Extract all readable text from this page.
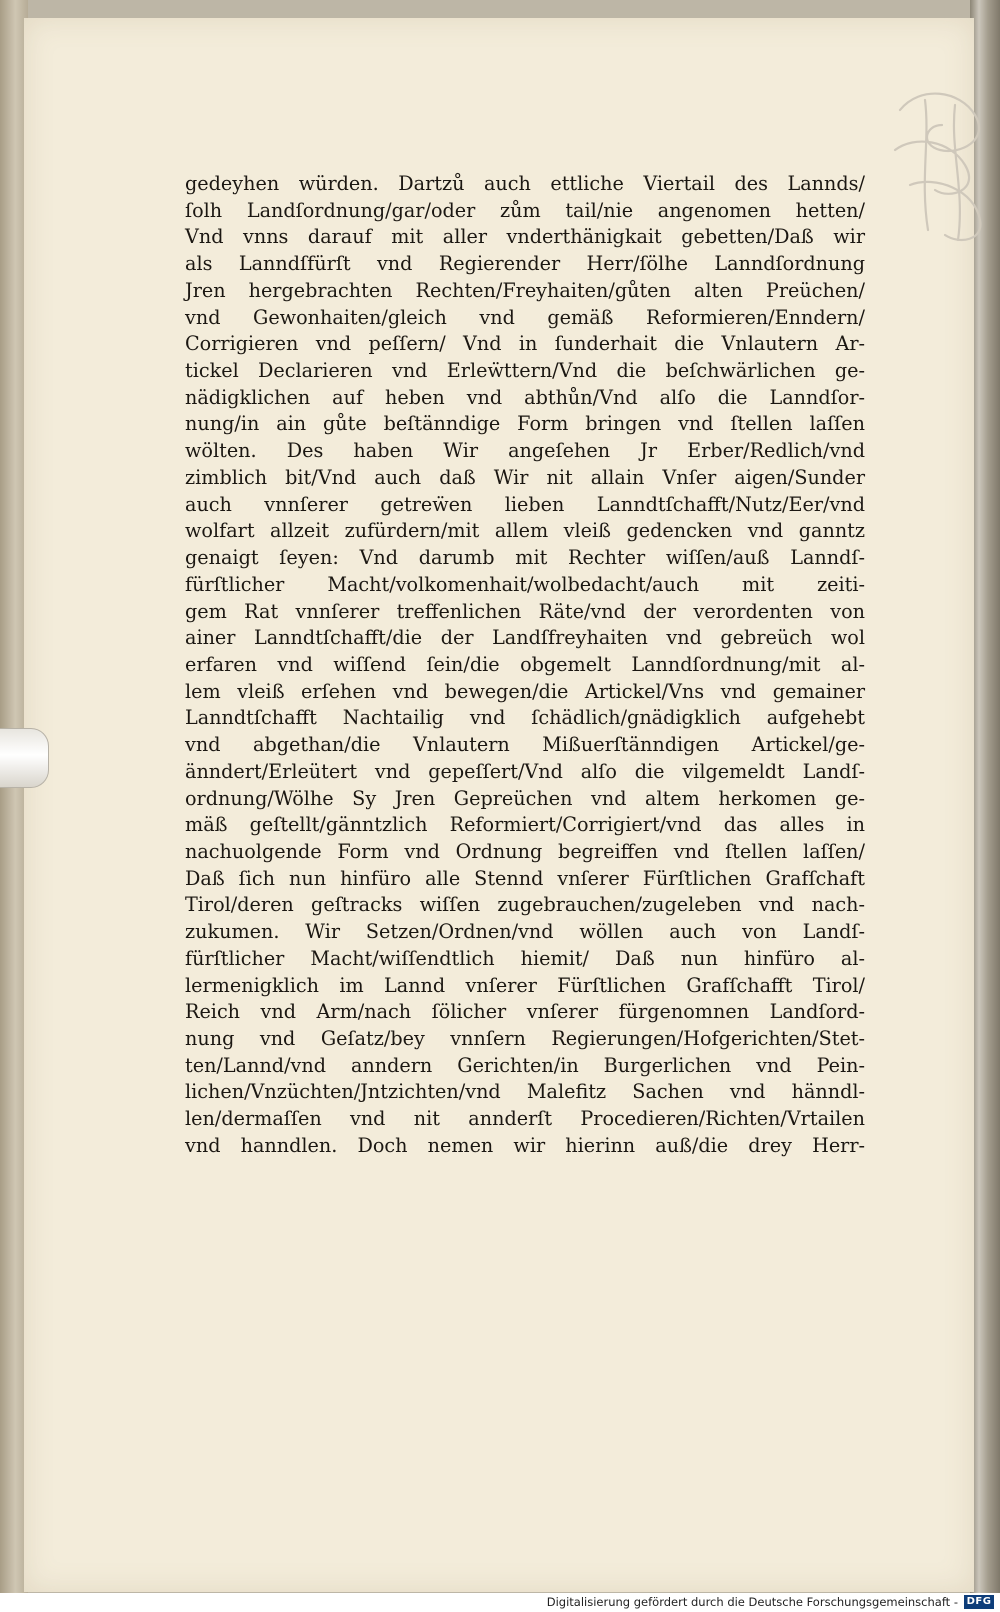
gedeyhen würden. Dartzů auch ettliche Viertail des Lannds/
ſolh Landſordnung/gar/oder zům tail/nie angenomen hetten/
Vnd vnns darauf mit aller vnderthänigkait gebetten/Daß wir
als Lanndſfürſt vnd Regierender Herr/ſölhe Lanndſordnung
Jren hergebrachten Rechten/Freyhaiten/gůten alten Preüchen/
vnd Gewonhaiten/gleich vnd gemäß Reformieren/Enndern/
Corrigieren vnd peſſern/ Vnd in ſunderhait die Vnlautern Ar-
tickel Declarieren vnd Erleẅttern/Vnd die beſchwärlichen ge-
nädigklichen auf heben vnd abthůn/Vnd alſo die Lanndſor-
nung/in ain gůte beſtänndige Form bringen vnd ſtellen laſſen
wölten. Des haben Wir angeſehen Jr Erber/Redlich/vnd
zimblich bit/Vnd auch daß Wir nit allain Vnſer aigen/Sunder
auch vnnſerer getreẅen lieben Lanndtſchafft/Nutz/Eer/vnd
wolfart allzeit zufürdern/mit allem vleiß gedencken vnd ganntz
genaigt ſeyen: Vnd darumb mit Rechter wiſſen/auß Lanndſ-
fürſtlicher Macht/volkomenhait/wolbedacht/auch mit zeiti-
gem Rat vnnſerer treffenlichen Räte/vnd der verordenten von
ainer Lanndtſchafft/die der Landſfreyhaiten vnd gebreüch wol
erfaren vnd wiſſend ſein/die obgemelt Lanndſordnung/mit al-
lem vleiß erſehen vnd bewegen/die Artickel/Vns vnd gemainer
Lanndtſchafft Nachtailig vnd ſchädlich/gnädigklich aufgehebt
vnd abgethan/die Vnlautern Mißuerſtänndigen Artickel/ge-
änndert/Erleütert vnd gepeſſert/Vnd alſo die vilgemeldt Landſ-
ordnung/Wölhe Sy Jren Gepreüchen vnd altem herkomen ge-
mäß geſtellt/gänntzlich Reformiert/Corrigiert/vnd das alles in
nachuolgende Form vnd Ordnung begreiffen vnd ſtellen laſſen/
Daß ſich nun hinfüro alle Stennd vnſerer Fürſtlichen Grafſchaft
Tirol/deren geſtracks wiſſen zugebrauchen/zugeleben vnd nach-
zukumen. Wir Setzen/Ordnen/vnd wöllen auch von Landſ-
fürſtlicher Macht/wiſſendtlich hiemit/ Daß nun hinfüro al-
lermenigklich im Lannd vnſerer Fürſtlichen Grafſchafft Tirol/
Reich vnd Arm/nach ſölicher vnſerer fürgenomnen Landſord-
nung vnd Geſatz/bey vnnſern Regierungen/Hofgerichten/Stet-
ten/Lannd/vnd anndern Gerichten/in Burgerlichen vnd Pein-
lichen/Vnzüchten/Jntzichten/vnd Malefitz Sachen vnd hänndl-
len/dermaſſen vnd nit annderſt Procedieren/Richten/Vrtailen
vnd hanndlen. Doch nemen wir hierinn auß/die drey Herr-
Digitalisierung gefördert durch die Deutsche Forschungsgemeinschaft - DFG
